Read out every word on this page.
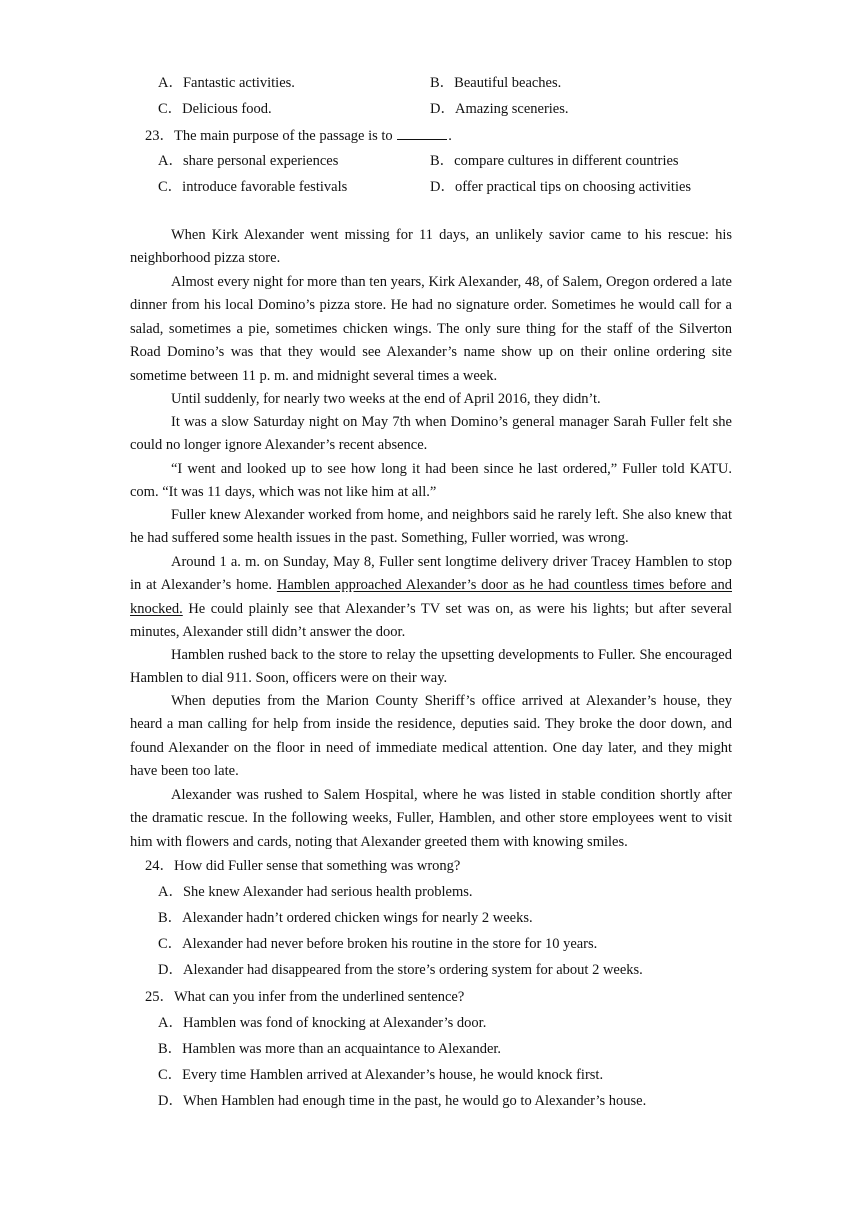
A．Fantastic activities.	B．Beautiful beaches.
C．Delicious food.	D．Amazing sceneries.
23．The main purpose of the passage is to	.
A．share personal experiences	B．compare cultures in different countries
C．introduce favorable festivals	D．offer practical tips on choosing activities

When Kirk Alexander went missing for 11 days, an unlikely savior came to his rescue: his neighborhood pizza store.

Almost every night for more than ten years, Kirk Alexander, 48, of Salem, Oregon ordered a late dinner from his local Domino’s pizza store. He had no signature order. Sometimes he would call for a salad, sometimes a pie, sometimes chicken wings. The only sure thing for the staff of the Silverton Road Domino’s was that they would see Alexander’s name show up on their online ordering site sometime between 11 p. m. and midnight several times a week.

Until suddenly, for nearly two weeks at the end of April 2016, they didn’t.

It was a slow Saturday night on May 7th when Domino’s general manager Sarah Fuller felt she could no longer ignore Alexander’s recent absence.

“I went and looked up to see how long it had been since he last ordered,” Fuller told KATU. com. “It was 11 days, which was not like him at all.”

Fuller knew Alexander worked from home, and neighbors said he rarely left. She also knew that he had suffered some health issues in the past. Something, Fuller worried, was wrong.

Around 1 a. m. on Sunday, May 8, Fuller sent longtime delivery driver Tracey Hamblen to stop in at Alexander’s home. Hamblen approached Alexander’s door as he had countless times before and knocked. He could plainly see that Alexander’s TV set was on, as were his lights; but after several minutes, Alexander still didn’t answer the door.

Hamblen rushed back to the store to relay the upsetting developments to Fuller. She encouraged Hamblen to dial 911. Soon, officers were on their way.

When deputies from the Marion County Sheriff’s office arrived at Alexander’s house, they heard a man calling for help from inside the residence, deputies said. They broke the door down, and found Alexander on the floor in need of immediate medical attention. One day later, and they might have been too late.

Alexander was rushed to Salem Hospital, where he was listed in stable condition shortly after the dramatic rescue. In the following weeks, Fuller, Hamblen, and other store employees went to visit him with flowers and cards, noting that Alexander greeted them with knowing smiles.

24．How did Fuller sense that something was wrong?
A．She knew Alexander had serious health problems.
B．Alexander hadn’t ordered chicken wings for nearly 2 weeks.
C．Alexander had never before broken his routine in the store for 10 years.
D．Alexander had disappeared from the store’s ordering system for about 2 weeks.
25．What can you infer from the underlined sentence?
A．Hamblen was fond of knocking at Alexander’s door.
B．Hamblen was more than an acquaintance to Alexander.
C．Every time Hamblen arrived at Alexander’s house, he would knock first.
D．When Hamblen had enough time in the past, he would go to Alexander’s house.
